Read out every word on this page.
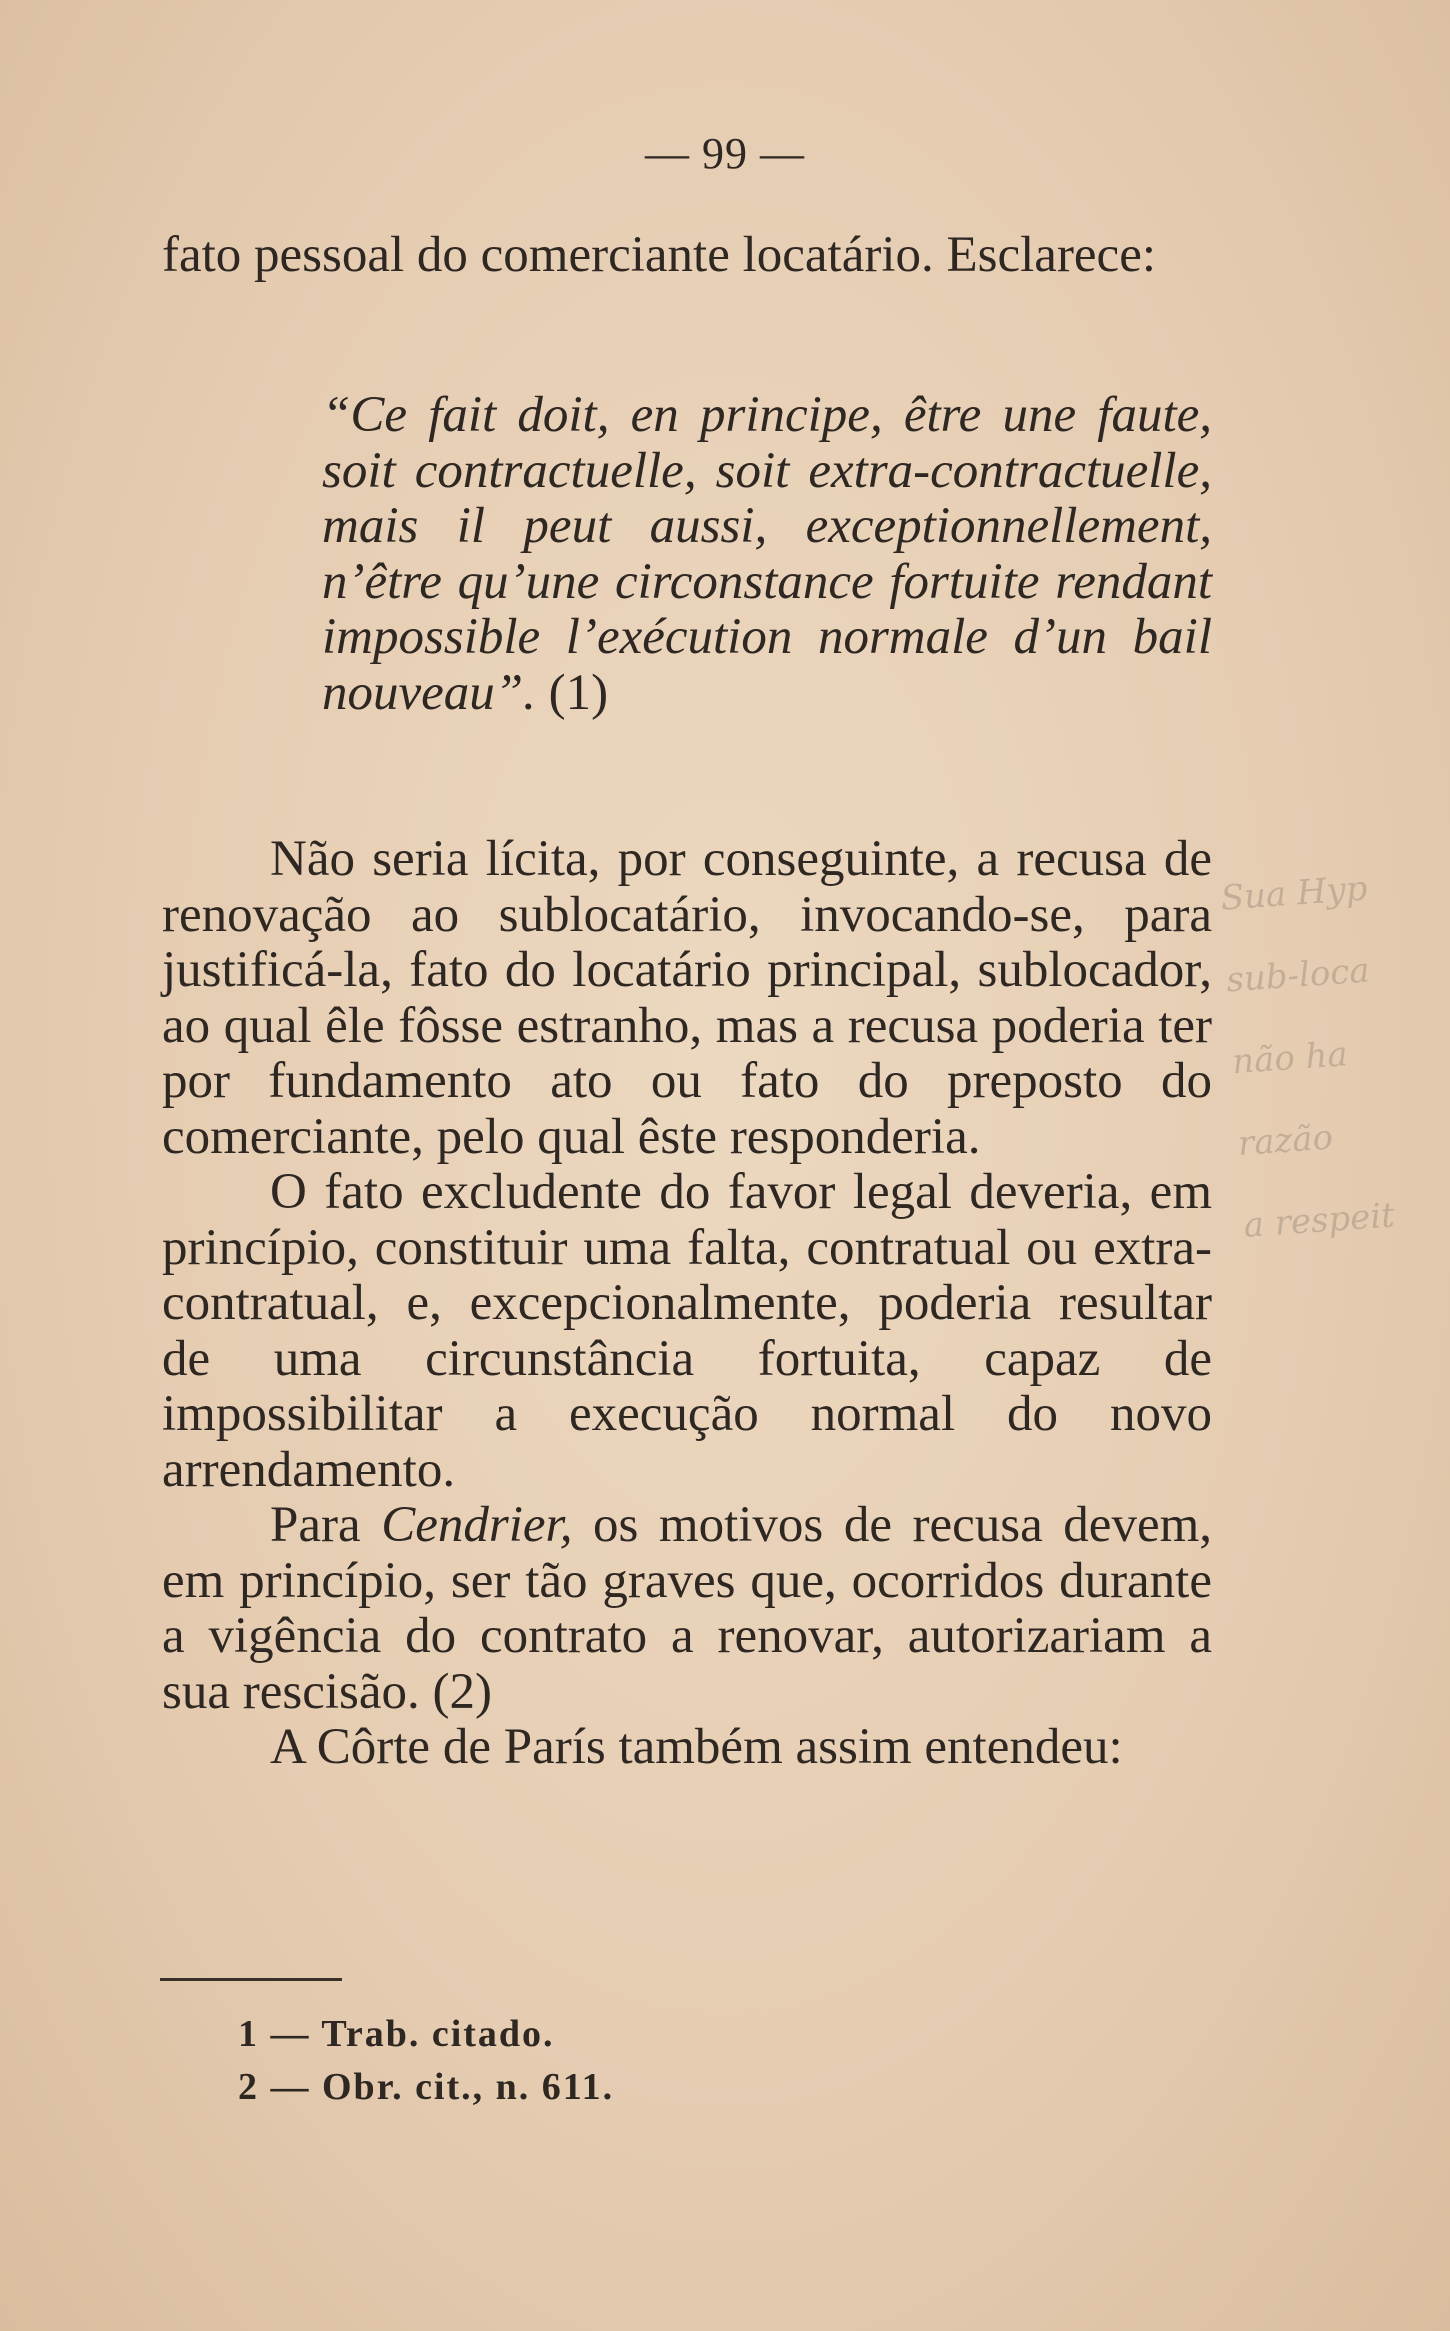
— 99 —

fato pessoal do comerciante locatário. Esclarece:

“Ce fait doit, en principe, être une faute, soit contractuelle, soit extra-contractuelle, mais il peut aussi, exceptionnellement, n’être qu’une circonstance fortuite rendant impossible l’exécution normale d’un bail nouveau”. (1)

Não seria lícita, por conseguinte, a recusa de renovação ao sublocatário, invocando-se, para justificá-la, fato do locatário principal, sublocador, ao qual êle fôsse estranho, mas a recusa poderia ter por fundamento ato ou fato do preposto do comerciante, pelo qual êste responderia.

O fato excludente do favor legal deveria, em princípio, constituir uma falta, contratual ou extra-contratual, e, excepcionalmente, poderia resultar de uma circunstância fortuita, capaz de impossibilitar a execução normal do novo arrendamento.

Para Cendrier, os motivos de recusa devem, em princípio, ser tão graves que, ocorridos durante a vigência do contrato a renovar, autorizariam a sua rescisão. (2)

A Côrte de París também assim entendeu:

1 — Trab. citado.
2 — Obr. cit., n. 611.
Sua Hyp
sub-loca
não ha
razão
a respeit
